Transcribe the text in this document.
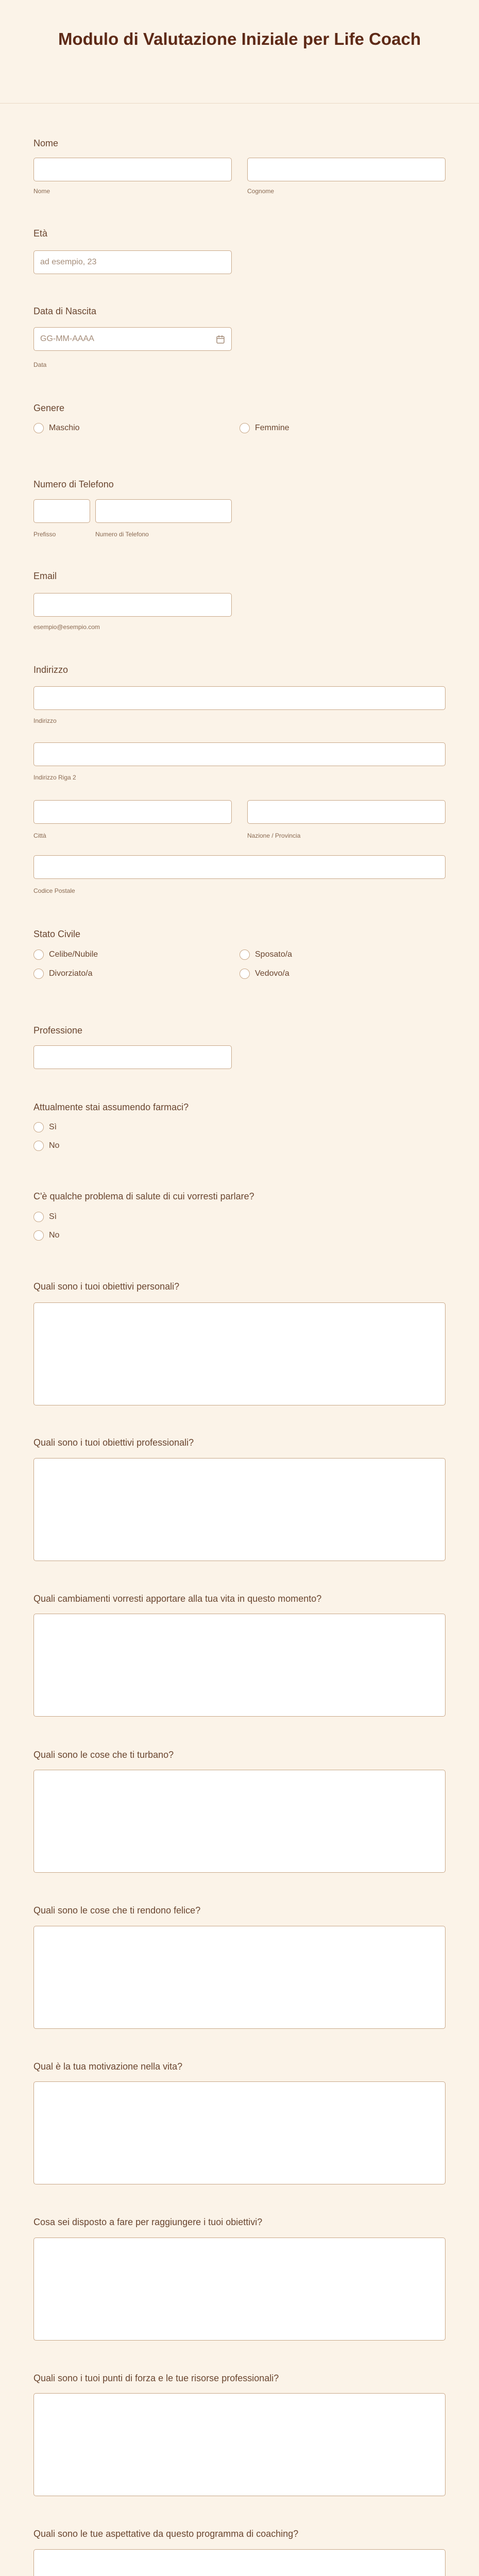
Modulo di Valutazione Iniziale per Life Coach
Nome
Nome	Cognome
Età
ad esempio, 23
Data di Nascita
GG-MM-AAAA
Data
Genere
Maschio	Femmine
Numero di Telefono
Prefisso	Numero di Telefono
Email
esempio@esempio.com
Indirizzo
Indirizzo
Indirizzo Riga 2
Città	Nazione / Provincia
Codice Postale
Stato Civile
Celibe/Nubile	Sposato/a
Divorziato/a	Vedovo/a
Professione
Attualmente stai assumendo farmaci?
Sì
No
C'è qualche problema di salute di cui vorresti parlare?
Sì
No
Quali sono i tuoi obiettivi personali?
Quali sono i tuoi obiettivi professionali?
Quali cambiamenti vorresti apportare alla tua vita in questo momento?
Quali sono le cose che ti turbano?
Quali sono le cose che ti rendono felice?
Qual è la tua motivazione nella vita?
Cosa sei disposto a fare per raggiungere i tuoi obiettivi?
Quali sono i tuoi punti di forza e le tue risorse professionali?
Quali sono le tue aspettative da questo programma di coaching?
